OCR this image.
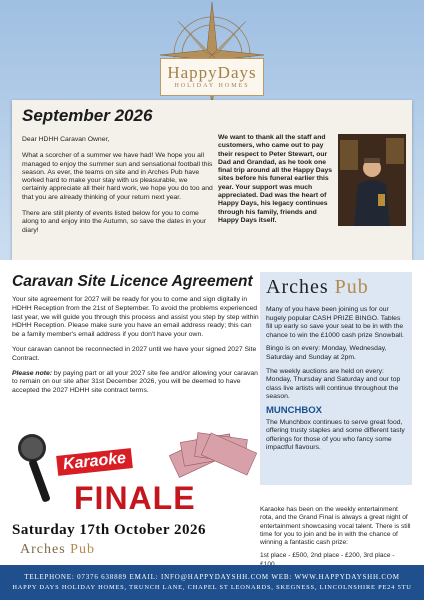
HappyDays
HOLIDAY HOMES
September 2026

Dear HDHH Caravan Owner,

What a scorcher of a summer we have had! We hope you all managed to enjoy the summer sun and sensational football this season. As ever, the teams on site and in Arches Pub have worked hard to make your stay with us pleasurable, we certainly appreciate all their hard work, we hope you do too and that you are already thinking of your return next year.

There are still plenty of events listed below for you to come along to and enjoy into the Autumn, so save the dates in your diary!

We want to thank all the staff and customers, who came out to pay their respect to Peter Stewart, our Dad and Grandad, as he took one final trip around all the Happy Days sites before his funeral earlier this year. Your support was much appreciated. Dad was the heart of Happy Days, his legacy continues through his family, friends and Happy Days itself.
Caravan Site Licence Agreement

Your site agreement for 2027 will be ready for you to come and sign digitally in HDHH Reception from the 21st of September. To avoid the problems experienced last year, we will guide you through this process and assist you step by step within HDHH Reception. Please make sure you have an email address ready; this can be a family member's email address if you don't have your own.

Your caravan cannot be reconnected in 2027 until we have your signed 2027 Site Contract.

Please note: by paying part or all your 2027 site fee and/or allowing your caravan to remain on our site after 31st December 2026, you will be deemed to have accepted the 2027 HDHH site contract terms.

Arches Pub

Many of you have been joining us for our hugely popular CASH PRIZE BINGO. Tables fill up early so save your seat to be in with the chance to win the £1000 cash prize Snowball.

Bingo is on every: Monday, Wednesday, Saturday and Sunday at 2pm.

The weekly auctions are held on every: Monday, Thursday and Saturday and our top class live artists will continue throughout the season.

MUNCHBOX

The Munchbox continues to serve great food, offering trusty staples and some different tasty offerings for those of you who fancy some impactful flavours.

Karaoke
FINALE
Saturday 17th October 2026
Arches Pub

Karaoke has been on the weekly entertainment rota, and the Grand Final is always a great night of entertainment showcasing vocal talent. There is still time for you to join and be in with the chance of winning a fantastic cash prize:

1st place - £500, 2nd place - £200, 3rd place -

TELEPHONE: 07376 638889 EMAIL: INFO@HAPPYDAYSHH.COM WEB: WWW.HAPPYDAYSHH.COM
HAPPY DAYS HOLIDAY HOMES, TRUNCH LANE, CHAPEL ST LEONARDS, SKEGNESS, LINCOLNSHIRE PE24 5TU
